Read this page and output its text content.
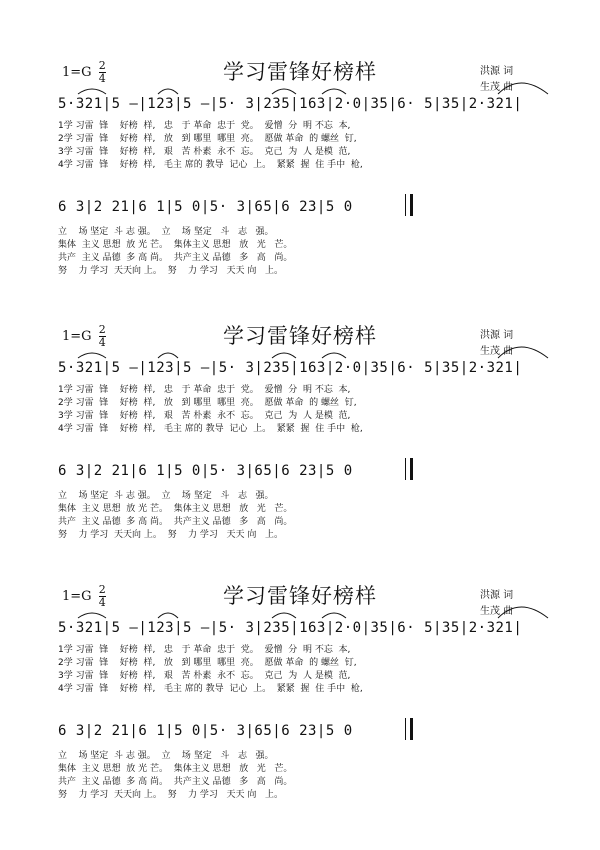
$1=G \frac{2}{4}$	学习雷锋好榜样	洪源 词
生茂 曲
5·321|5 –|123|5 –|5· 3|235|163|2·0|35|6· 5|35|2·321|
1学 习雷  锋    好榜  样,   忠   于 革命  忠于  党。  爱憎  分  明 不忘  本,
2学 习雷  锋    好榜  样,   放   到 哪里  哪里  亮。  愿做 革命  的 螺丝  钉,
3学 习雷  锋    好榜  样,   艰   苦 朴素  永不  忘。  克己  为  人 是模  范,
4学 习雷  锋    好榜  样,   毛主 席的 教导  记心  上。  紧紧  握  住 手中  枪,
6 3|2 21|6 1|5 0|5· 3|65|6 23|5 0
立    场 坚定  斗 志 强。  立    场 坚定   斗   志   强。
集体  主义 思想  放 光 芒。  集体主义 思想   放   光   芒。
共产  主义 品德  多 高 尚。  共产主义 品德   多   高   尚。
努    力 学习  天天向 上。  努    力 学习   天天 向   上。
$1=G \frac{2}{4}$	学习雷锋好榜样	洪源 词
生茂 曲
5·321|5 –|123|5 –|5· 3|235|163|2·0|35|6· 5|35|2·321|
1学 习雷  锋    好榜  样,   忠   于 革命  忠于  党。  爱憎  分  明 不忘  本,
2学 习雷  锋    好榜  样,   放   到 哪里  哪里  亮。  愿做 革命  的 螺丝  钉,
3学 习雷  锋    好榜  样,   艰   苦 朴素  永不  忘。  克己  为  人 是模  范,
4学 习雷  锋    好榜  样,   毛主 席的 教导  记心  上。  紧紧  握  住 手中  枪,
6 3|2 21|6 1|5 0|5· 3|65|6 23|5 0
立    场 坚定  斗 志 强。  立    场 坚定   斗   志   强。
集体  主义 思想  放 光 芒。  集体主义 思想   放   光   芒。
共产  主义 品德  多 高 尚。  共产主义 品德   多   高   尚。
努    力 学习  天天向 上。  努    力 学习   天天 向   上。
$1=G \frac{2}{4}$	学习雷锋好榜样	洪源 词
生茂 曲
5·321|5 –|123|5 –|5· 3|235|163|2·0|35|6· 5|35|2·321|
1学 习雷  锋    好榜  样,   忠   于 革命  忠于  党。  爱憎  分  明 不忘  本,
2学 习雷  锋    好榜  样,   放   到 哪里  哪里  亮。  愿做 革命  的 螺丝  钉,
3学 习雷  锋    好榜  样,   艰   苦 朴素  永不  忘。  克己  为  人 是模  范,
4学 习雷  锋    好榜  样,   毛主 席的 教导  记心  上。  紧紧  握  住 手中  枪,
6 3|2 21|6 1|5 0|5· 3|65|6 23|5 0
立    场 坚定  斗 志 强。  立    场 坚定   斗   志   强。
集体  主义 思想  放 光 芒。  集体主义 思想   放   光   芒。
共产  主义 品德  多 高 尚。  共产主义 品德   多   高   尚。
努    力 学习  天天向 上。  努    力 学习   天天 向   上。
